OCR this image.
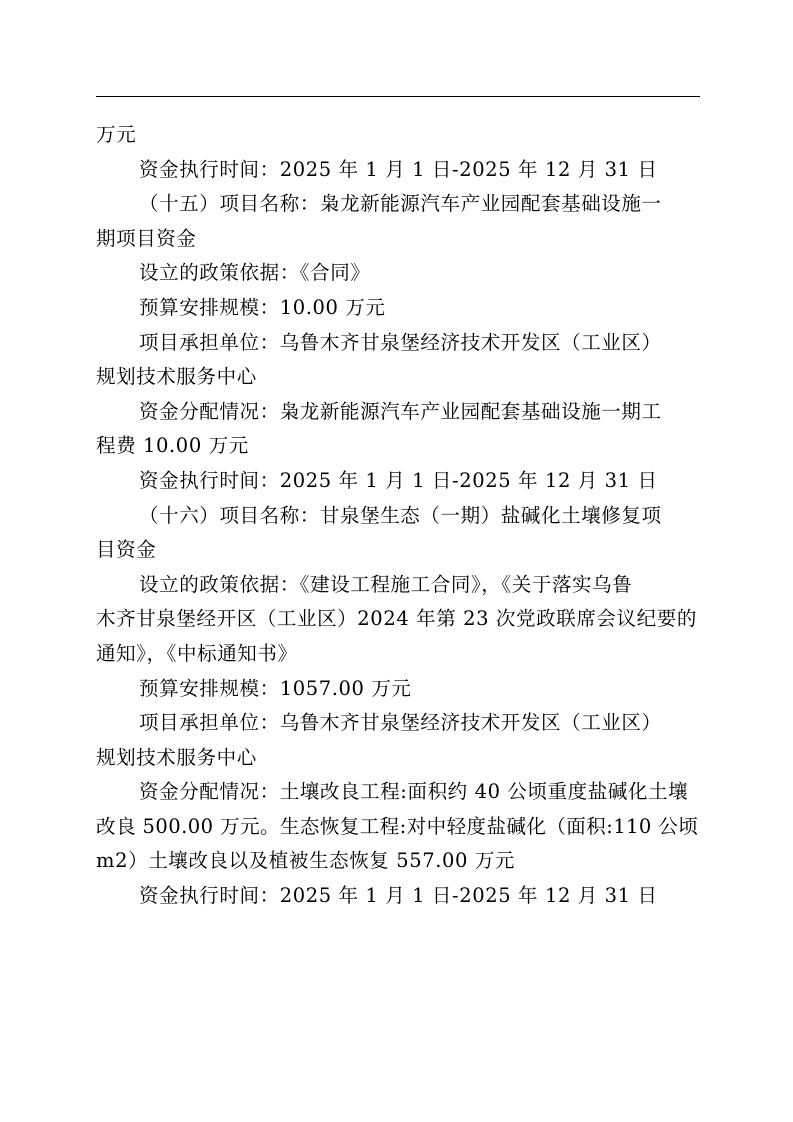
万元
资金执行时间：2025 年 1 月 1 日-2025 年 12 月 31 日
（十五）项目名称：枭龙新能源汽车产业园配套基础设施一
期项目资金
设立的政策依据：《合同》
预算安排规模：10.00 万元
项目承担单位：乌鲁木齐甘泉堡经济技术开发区（工业区）
规划技术服务中心
资金分配情况：枭龙新能源汽车产业园配套基础设施一期工
程费 10.00 万元
资金执行时间：2025 年 1 月 1 日-2025 年 12 月 31 日
（十六）项目名称：甘泉堡生态（一期）盐碱化土壤修复项
目资金
设立的政策依据：《建设工程施工合同》，《关于落实乌鲁
木齐甘泉堡经开区（工业区）2024 年第 23 次党政联席会议纪要的
通知》，《中标通知书》
预算安排规模：1057.00 万元
项目承担单位：乌鲁木齐甘泉堡经济技术开发区（工业区）
规划技术服务中心
资金分配情况：土壤改良工程:面积约 40 公顷重度盐碱化土壤
改良 500.00 万元。生态恢复工程:对中轻度盐碱化（面积:110 公顷
m2）土壤改良以及植被生态恢复 557.00 万元
资金执行时间：2025 年 1 月 1 日-2025 年 12 月 31 日
